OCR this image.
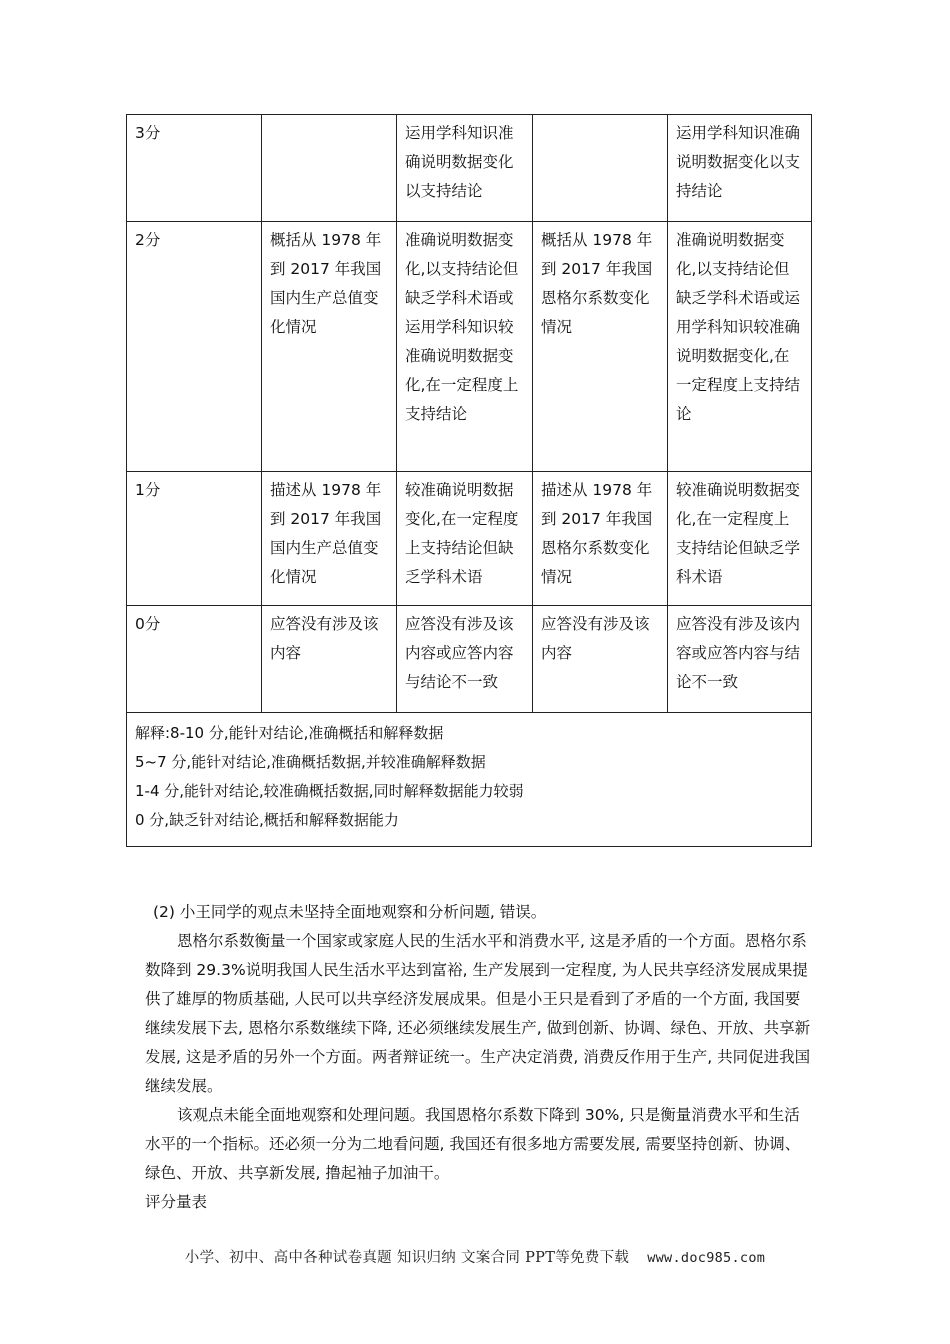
3分		运用学科知识准确说明数据变化以支持结论		运用学科知识准确说明数据变化以支持结论
2分	概括从 1978 年到 2017 年我国国内生产总值变化情况	准确说明数据变化,以支持结论但缺乏学科术语或运用学科知识较准确说明数据变化,在一定程度上支持结论	概括从 1978 年到 2017 年我国恩格尔系数变化情况	准确说明数据变化,以支持结论但缺乏学科术语或运用学科知识较准确说明数据变化,在一定程度上支持结论
1分	描述从 1978 年到 2017 年我国国内生产总值变化情况	较准确说明数据变化,在一定程度上支持结论但缺乏学科术语	描述从 1978 年到 2017 年我国恩格尔系数变化情况	较准确说明数据变化,在一定程度上支持结论但缺乏学科术语
0分	应答没有涉及该内容	应答没有涉及该内容或应答内容与结论不一致	应答没有涉及该内容	应答没有涉及该内容或应答内容与结论不一致

解释:8-10 分,能针对结论,准确概括和解释数据
5~7 分,能针对结论,准确概括数据,并较准确解释数据
1-4 分,能针对结论,较准确概括数据,同时解释数据能力较弱
0 分,缺乏针对结论,概括和解释数据能力				

(2) 小王同学的观点未坚持全面地观察和分析问题, 错误。

恩格尔系数衡量一个国家或家庭人民的生活水平和消费水平, 这是矛盾的一个方面。恩格尔系数降到 29.3%说明我国人民生活水平达到富裕, 生产发展到一定程度, 为人民共享经济发展成果提供了雄厚的物质基础, 人民可以共享经济发展成果。但是小王只是看到了矛盾的一个方面, 我国要继续发展下去, 恩格尔系数继续下降, 还必须继续发展生产, 做到创新、协调、绿色、开放、共享新发展, 这是矛盾的另外一个方面。两者辩证统一。生产决定消费, 消费反作用于生产, 共同促进我国继续发展。

该观点未能全面地观察和处理问题。我国恩格尔系数下降到 30%, 只是衡量消费水平和生活水平的一个指标。还必须一分为二地看问题, 我国还有很多地方需要发展, 需要坚持创新、协调、绿色、开放、共享新发展, 撸起袖子加油干。

评分量表

小学、初中、高中各种试卷真题 知识归纳 文案合同 PPT等免费下载 www.doc985.com
